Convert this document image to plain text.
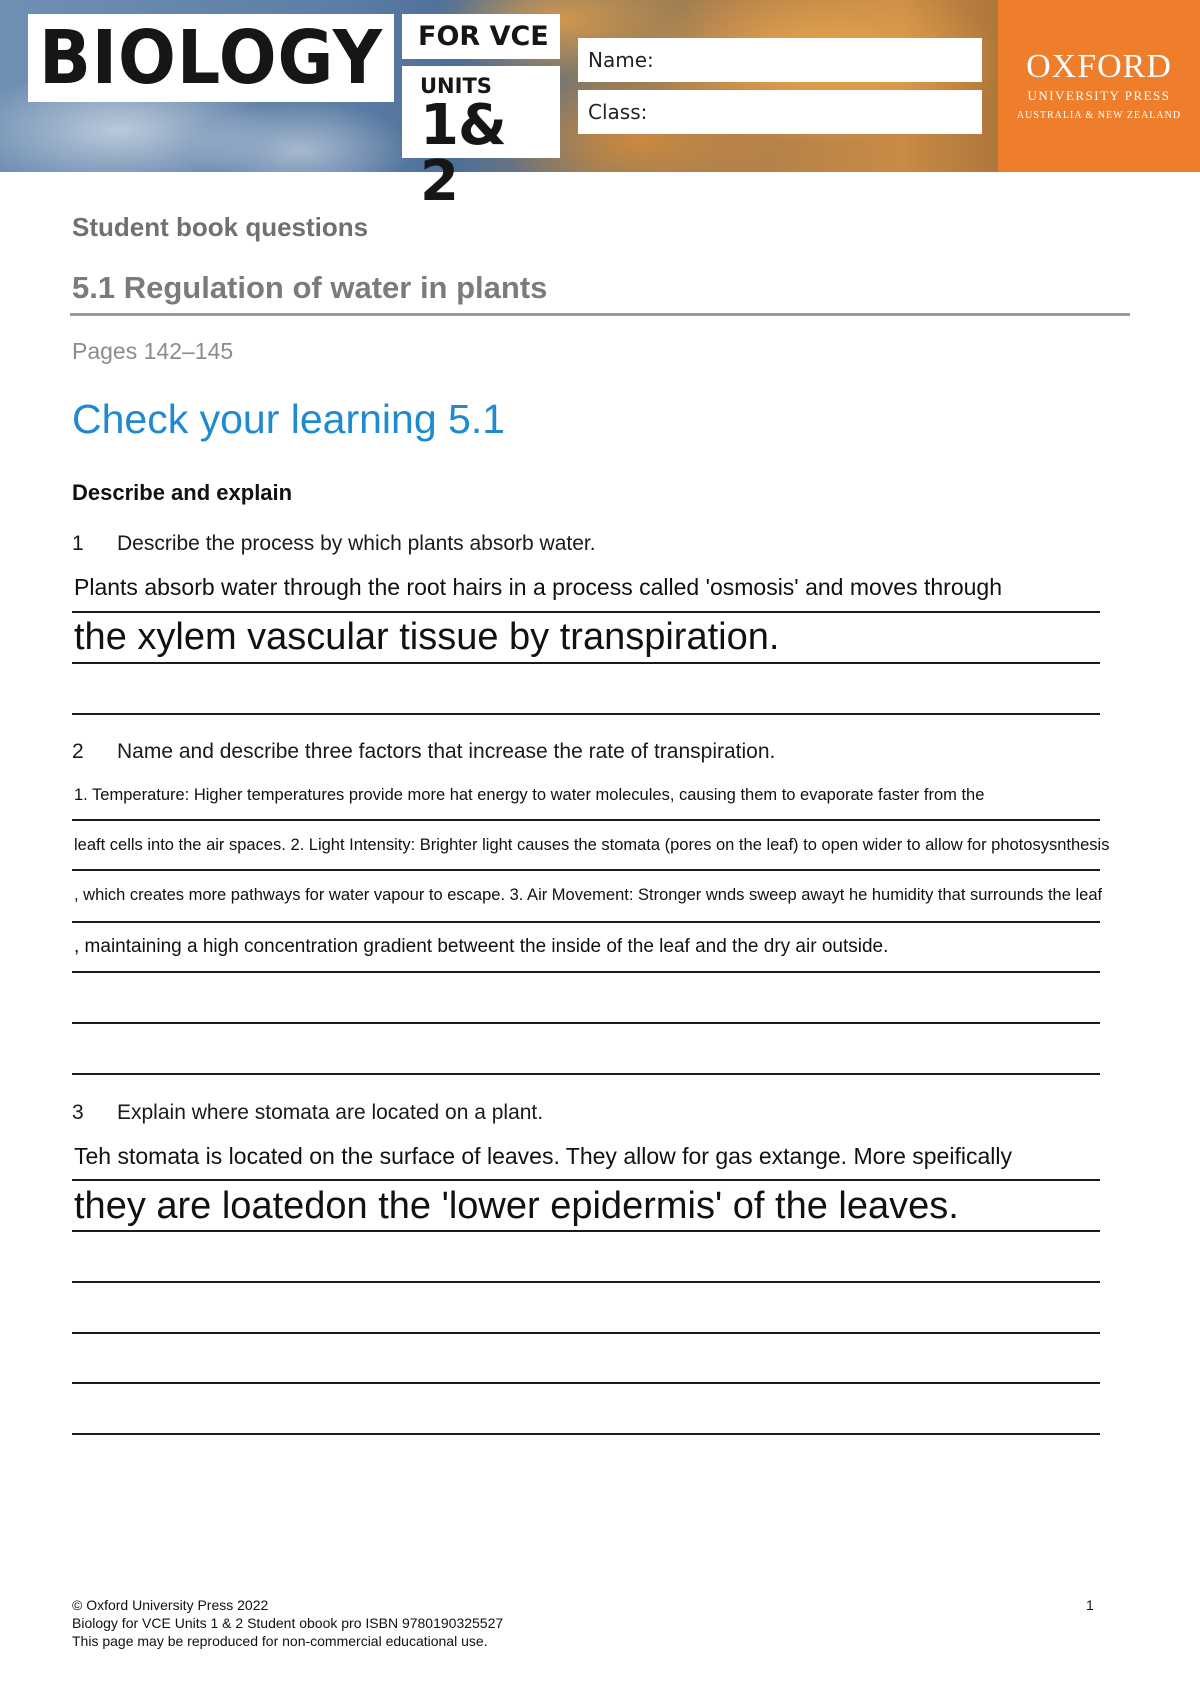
BIOLOGY FOR VCE
UNITS
1& 2
Name:
Class:
OXFORD
UNIVERSITY PRESS
AUSTRALIA & NEW ZEALAND
Student book questions
5.1 Regulation of water in plants
Pages 142–145
Check your learning 5.1
Describe and explain
1 Describe the process by which plants absorb water.
Plants absorb water through the root hairs in a process called 'osmosis' and moves through
the xylem vascular tissue by transpiration.
2 Name and describe three factors that increase the rate of transpiration.
1. Temperature: Higher temperatures provide more hat energy to water molecules, causing them to evaporate faster from the
leaft cells into the air spaces. 2. Light Intensity: Brighter light causes the stomata (pores on the leaf) to open wider to allow for photosysnthesis
, which creates more pathways for water vapour to escape. 3. Air Movement: Stronger wnds sweep awayt he humidity that surrounds the leaf
, maintaining a high concentration gradient betweent the inside of the leaf and the dry air outside.
3 Explain where stomata are located on a plant.
Teh stomata is located on the surface of leaves. They allow for gas extange. More speifically
they are loatedon the 'lower epidermis' of the leaves.
© Oxford University Press 2022
Biology for VCE Units 1 & 2 Student obook pro ISBN 9780190325527
This page may be reproduced for non-commercial educational use.
1
